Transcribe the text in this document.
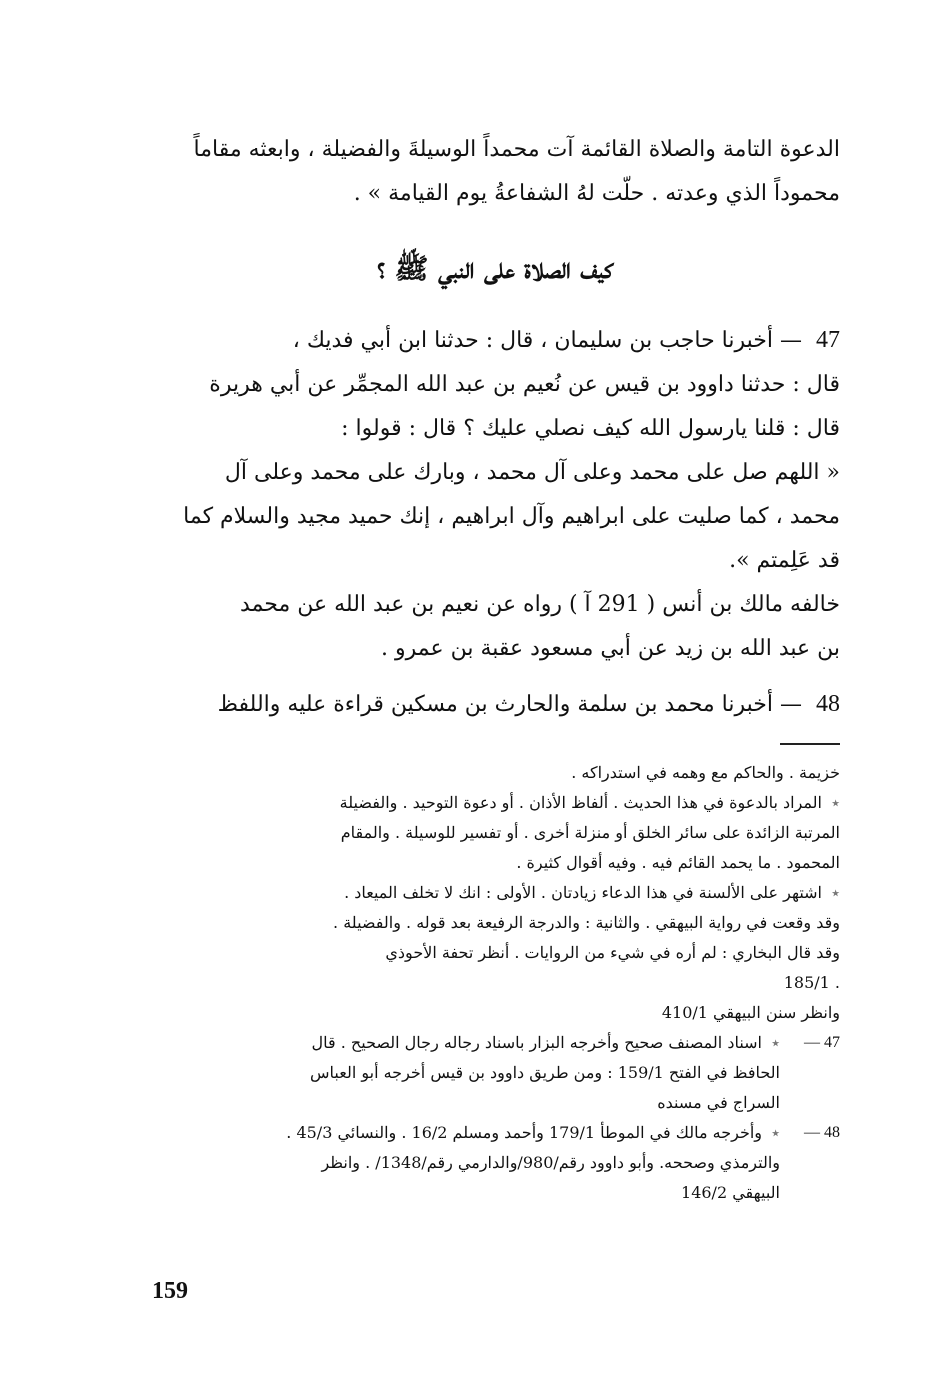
الدعوة التامة والصلاة القائمة آت محمداً الوسيلةَ والفضيلة ، وابعثه مقاماً

محموداً الذي وعدته . حلّت لهُ الشفاعةُ يوم القيامة » .

كيف الصلاة على النبي ﷺ ؟

47— أخبرنا حاجب بن سليمان ، قال : حدثنا ابن أبي فديك ،

قال : حدثنا داوود بن قيس عن نُعيم بن عبد الله المجمِّر عن أبي هريرة

قال : قلنا يارسول الله كيف نصلي عليك ؟ قال : قولوا :

« اللهم صل على محمد وعلى آل محمد ، وبارك على محمد وعلى آل

محمد ، كما صليت على ابراهيم وآل ابراهيم ، إنك حميد مجيد والسلام كما

قد عَلِمتم ».

خالفه مالك بن أنس ( 291 آ ) رواه عن نعيم بن عبد الله عن محمد

بن عبد الله بن زيد عن أبي مسعود عقبة بن عمرو .

48— أخبرنا محمد بن سلمة والحارث بن مسكين قراءة عليه واللفظ

خزيمة . والحاكم مع وهمه في استدراكه .

٭المراد بالدعوة في هذا الحديث . ألفاظ الأذان . أو دعوة التوحيد . والفضيلة

المرتبة الزائدة على سائر الخلق أو منزلة أخرى . أو تفسير للوسيلة . والمقام

المحمود . ما يحمد القائم فيه . وفيه أقوال كثيرة .

٭اشتهر على الألسنة في هذا الدعاء زيادتان . الأولى : انك لا تخلف الميعاد .

وقد وقعت في رواية البيهقي . والثانية : والدرجة الرفيعة بعد قوله . والفضيلة .

وقد قال البخاري : لم أره في شيء من الروايات . أنظر تحفة الأحوذي

. 185/1

وانظر سنن البيهقي 410/1

47 —

٭اسناد المصنف صحيح وأخرجه البزار باسناد رجاله رجال الصحيح . قال

الحافظ في الفتح 159/1 : ومن طريق داوود بن قيس أخرجه أبو العباس

السراج في مسنده

48 —

٭وأخرجه مالك في الموطأ 179/1 وأحمد ومسلم 16/2 . والنسائي 45/3 .

والترمذي وصححه. وأبو داوود رقم/980/والدارمي رقم/1348/ . وانظر

البيهقي 146/2

159
